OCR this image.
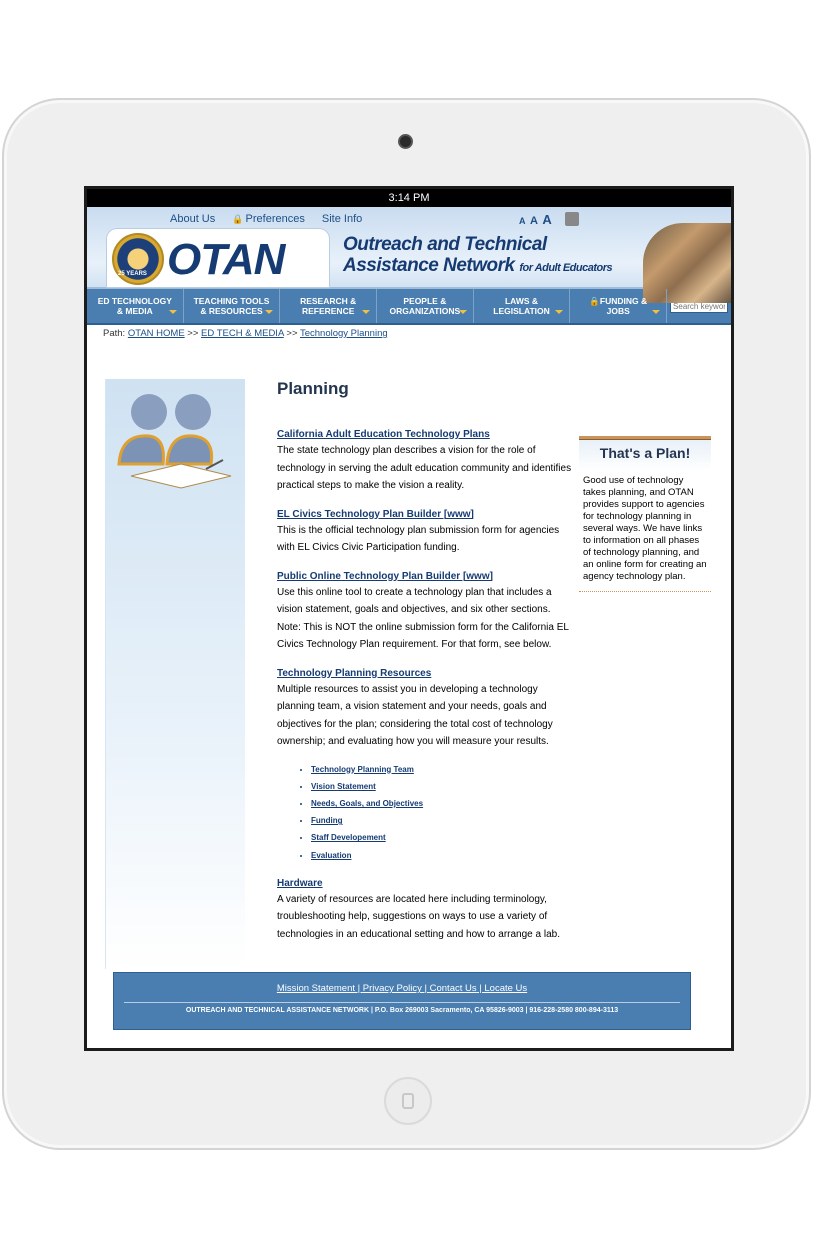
3:14 PM
About Us 🔒 Preferences Site Info	A A A
25 YEARS OTAN	Outreach and Technical
Assistance Network for Adult Educators
ED TECHNOLOGY
& MEDIA
TEACHING TOOLS
& RESOURCES
RESEARCH &
REFERENCE
PEOPLE &
ORGANIZATIONS
LAWS &
LEGISLATION
🔒FUNDING &
JOBS
Search keyword
Path: OTAN HOME >> ED TECH & MEDIA >> Technology Planning
Planning
California Adult Education Technology Plans

The state technology plan describes a vision for the role of technology in serving the adult education community and identifies practical steps to make the vision a reality.

EL Civics Technology Plan Builder [www]

This is the official technology plan submission form for agencies with EL Civics Civic Participation funding.

Public Online Technology Plan Builder [www]

Use this online tool to create a technology plan that includes a vision statement, goals and objectives, and six other sections. Note: This is NOT the online submission form for the California EL Civics Technology Plan requirement. For that form, see below.

Technology Planning Resources

Multiple resources to assist you in developing a technology planning team, a vision statement and your needs, goals and objectives for the plan; considering the total cost of technology ownership; and evaluating how you will measure your results.

• Technology Planning Team
• Vision Statement
• Needs, Goals, and Objectives
• Funding
• Staff Developement
• Evaluation
Hardware

A variety of resources are located here including terminology, troubleshooting help, suggestions on ways to use a variety of technologies in an educational setting and how to arrange a lab.

That's a Plan!

Good use of technology takes planning, and OTAN provides support to agencies for technology planning in several ways. We have links to information on all phases of technology planning, and an online form for creating an agency technology plan.

Mission Statement | Privacy Policy | Contact Us | Locate Us
OUTREACH AND TECHNICAL ASSISTANCE NETWORK | P.O. Box 269003 Sacramento, CA 95826-9003 | 916-228-2580 800-894-3113
